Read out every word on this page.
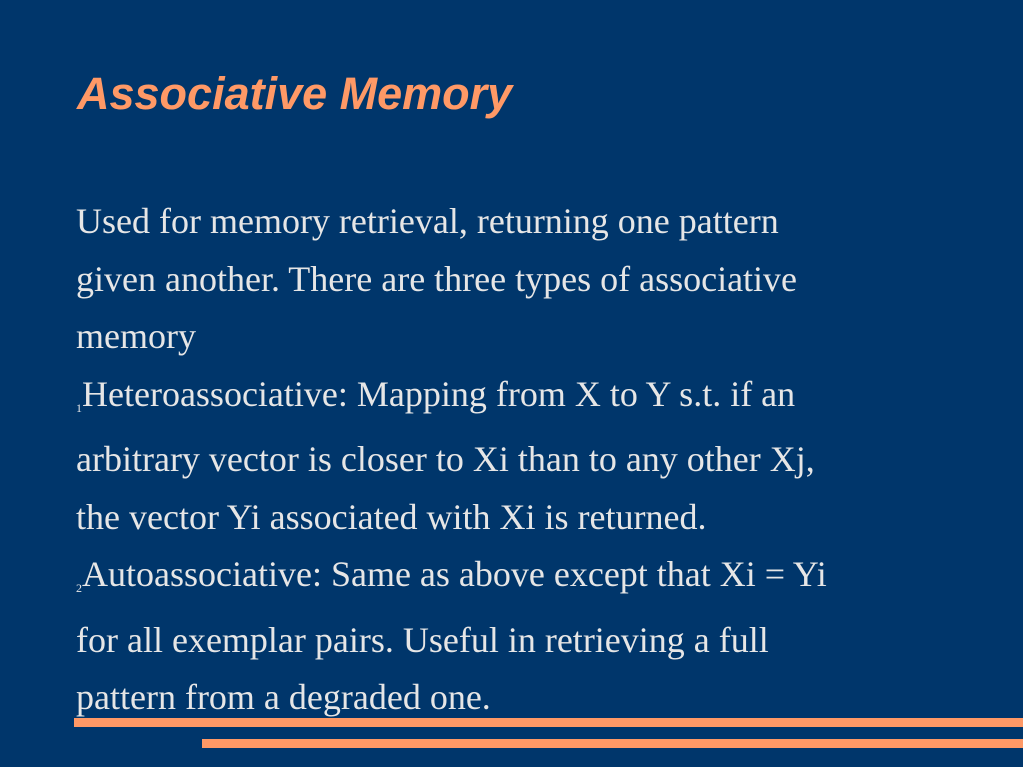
Associative Memory

Used for memory retrieval, returning one pattern
given another. There are three types of associative
memory

1Heteroassociative: Mapping from X to Y s.t. if an
arbitrary vector is closer to Xi than to any other Xj,
the vector Yi associated with Xi is returned.

2Autoassociative: Same as above except that Xi = Yi
for all exemplar pairs. Useful in retrieving a full
pattern from a degraded one.
